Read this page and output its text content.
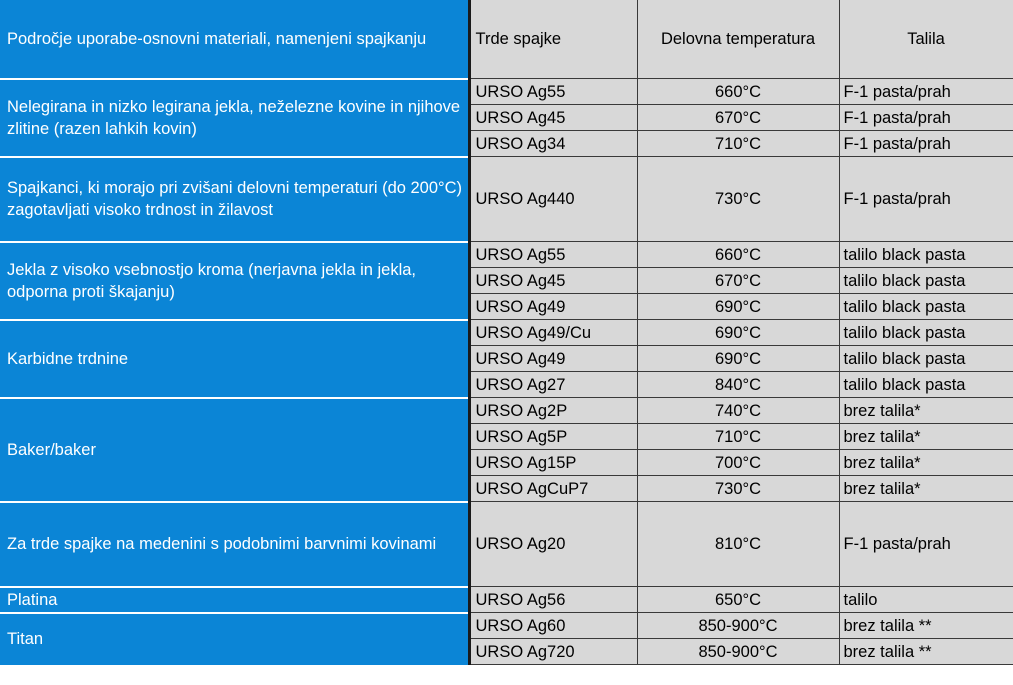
Področje uporabe-osnovni materiali, namenjeni spajkanju	Trde spajke	Delovna temperatura	Talila
Nelegirana in nizko legirana jekla, neželezne kovine in njihove zlitine (razen lahkih kovin)	URSO Ag55	660°C	F-1 pasta/prah
	URSO Ag45	670°C	F-1 pasta/prah
	URSO Ag34	710°C	F-1 pasta/prah
Spajkanci, ki morajo pri zvišani delovni temperaturi (do 200°C) zagotavljati visoko trdnost in žilavost	URSO Ag440	730°C	F-1 pasta/prah
Jekla z visoko vsebnostjo kroma (nerjavna jekla in jekla, odporna proti škajanju)	URSO Ag55	660°C	talilo black pasta
	URSO Ag45	670°C	talilo black pasta
	URSO Ag49	690°C	talilo black pasta
Karbidne trdnine	URSO Ag49/Cu	690°C	talilo black pasta
	URSO Ag49	690°C	talilo black pasta
	URSO Ag27	840°C	talilo black pasta
Baker/baker	URSO Ag2P	740°C	brez talila*
	URSO Ag5P	710°C	brez talila*
	URSO Ag15P	700°C	brez talila*
	URSO AgCuP7	730°C	brez talila*
Za trde spajke na medenini s podobnimi barvnimi kovinami	URSO Ag20	810°C	F-1 pasta/prah
Platina	URSO Ag56	650°C	talilo
Titan	URSO Ag60	850-900°C	brez talila **
	URSO Ag720	850-900°C	brez talila **
